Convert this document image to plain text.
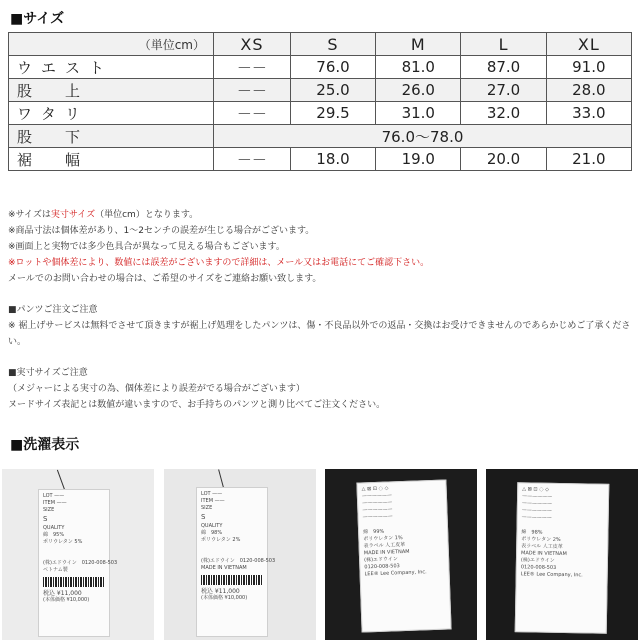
■サイズ
（単位cm）	XS	S	M	L	XL
ウエスト	－－	76.0	81.0	87.0	91.0
股　上	－－	25.0	26.0	27.0	28.0
ワタリ	－－	29.5	31.0	32.0	33.0
股　下	76.0〜78.0				
裾　幅	－－	18.0	19.0	20.0	21.0
※サイズは実寸サイズ（単位cm）となります。
※商品寸法は個体差があり、1～2センチの誤差が生じる場合がございます。
※画面上と実物では多少色具合が異なって見える場合もございます。
※ロットや個体差により、数値には誤差がございますので詳細は、メール又はお電話にてご確認下さい。
メールでのお問い合わせの場合は、ご希望のサイズをご連絡お願い致します。
■パンツご注文ご注意
※ 裾上げサービスは無料でさせて頂きますが裾上げ処理をしたパンツは、傷・不良品以外での返品・交換はお受けできませんのであらかじめご了承ください。
■実寸サイズご注意
（メジャーによる実寸の為、個体差により誤差がでる場合がございます）
ヌードサイズ表記とは数値が違いますので、お手持ちのパンツと測り比べてご注文ください。
■洗濯表示
LOT ——
ITEM ——
SIZE
S
QUALITY
綿　95%
ポリウレタン 5%
(株)エドウイン　0120-008-503
ベトナム製
税込 ¥11,000
(本体価格 ¥10,000)
LOT ——
ITEM ——
SIZE
S
QUALITY
綿　98%
ポリウレタン 2%
(株)エドウイン　0120-008-503
MADE IN VIETNAM
税込 ¥11,000
(本体価格 ¥10,000)
△ ⊠ ⊡ ◌ ◇
——————
——————
——————
——————
綿　99%
ポリウレタン 1%
表ラベル 人工皮革
MADE IN VIETNAM
(株)エドウイン
0120-008-503
LEE® Lee Company, Inc.
△ ⊠ ⊡ ◌ ◇
——————
——————
——————
——————
綿　98%
ポリウレタン 2%
表ラベル 人工皮革
MADE IN VIETNAM
(株)エドウイン
0120-008-503
LEE® Lee Company, Inc.
